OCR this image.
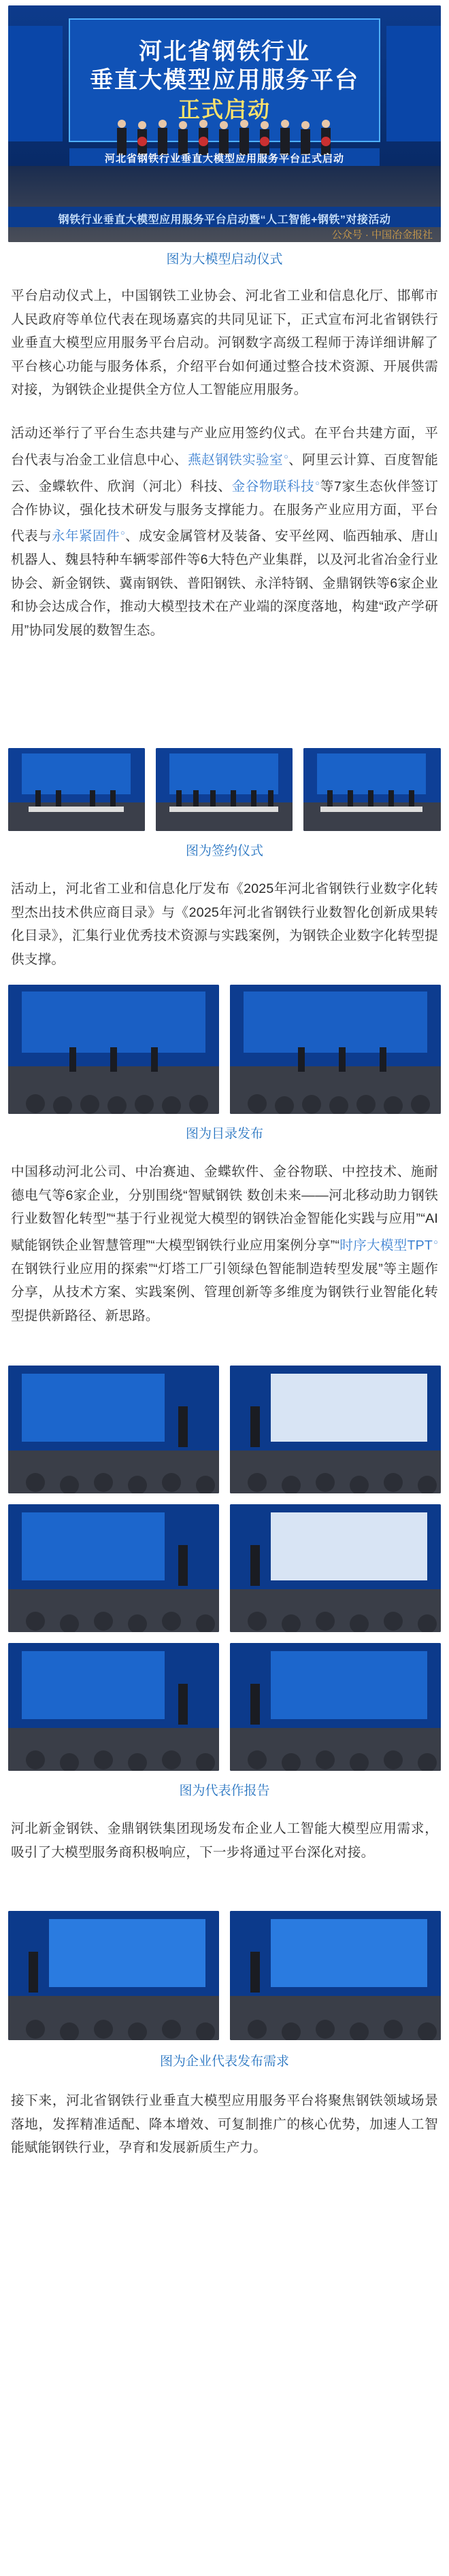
河北省钢铁行业
垂直大模型应用服务平台
正式启动
河北省钢铁行业垂直大模型应用服务平台正式启动
钢铁行业垂直大模型应用服务平台启动暨“人工智能+钢铁”对接活动
公众号 · 中国冶金报社
图为大模型启动仪式

平台启动仪式上，中国钢铁工业协会、河北省工业和信息化厅、邯郸市人民政府等单位代表在现场嘉宾的共同见证下，正式宣布河北省钢铁行业垂直大模型应用服务平台启动。河钢数字高级工程师于涛详细讲解了平台核心功能与服务体系，介绍平台如何通过整合技术资源、开展供需对接，为钢铁企业提供全方位人工智能应用服务。

活动还举行了平台生态共建与产业应用签约仪式。在平台共建方面，平台代表与冶金工业信息中心、燕赵钢铁实验室○、阿里云计算、百度智能云、金蝶软件、欣润（河北）科技、金谷物联科技○等7家生态伙伴签订合作协议，强化技术研发与服务支撑能力。在服务产业应用方面，平台代表与永年紧固件○、成安金属管材及装备、安平丝网、临西轴承、唐山机器人、魏县特种车辆零部件等6大特色产业集群，以及河北省冶金行业协会、新金钢铁、冀南钢铁、普阳钢铁、永洋特钢、金鼎钢铁等6家企业和协会达成合作，推动大模型技术在产业端的深度落地，构建“政产学研用”协同发展的数智生态。

图为签约仪式

活动上，河北省工业和信息化厅发布《2025年河北省钢铁行业数字化转型杰出技术供应商目录》与《2025年河北省钢铁行业数智化创新成果转化目录》，汇集行业优秀技术资源与实践案例，为钢铁企业数字化转型提供支撑。

图为目录发布

中国移动河北公司、中冶赛迪、金蝶软件、金谷物联、中控技术、施耐德电气等6家企业，分别围绕“智赋钢铁 数创未来——河北移动助力钢铁行业数智化转型”“基于行业视觉大模型的钢铁冶金智能化实践与应用”“AI赋能钢铁企业智慧管理”“大模型钢铁行业应用案例分享”“时序大模型TPT○在钢铁行业应用的探索”“灯塔工厂引领绿色智能制造转型发展”等主题作分享，从技术方案、实践案例、管理创新等多维度为钢铁行业智能化转型提供新路径、新思路。

图为代表作报告

河北新金钢铁、金鼎钢铁集团现场发布企业人工智能大模型应用需求，吸引了大模型服务商积极响应，下一步将通过平台深化对接。

图为企业代表发布需求

接下来，河北省钢铁行业垂直大模型应用服务平台将聚焦钢铁领域场景落地，发挥精准适配、降本增效、可复制推广的核心优势，加速人工智能赋能钢铁行业，孕育和发展新质生产力。
